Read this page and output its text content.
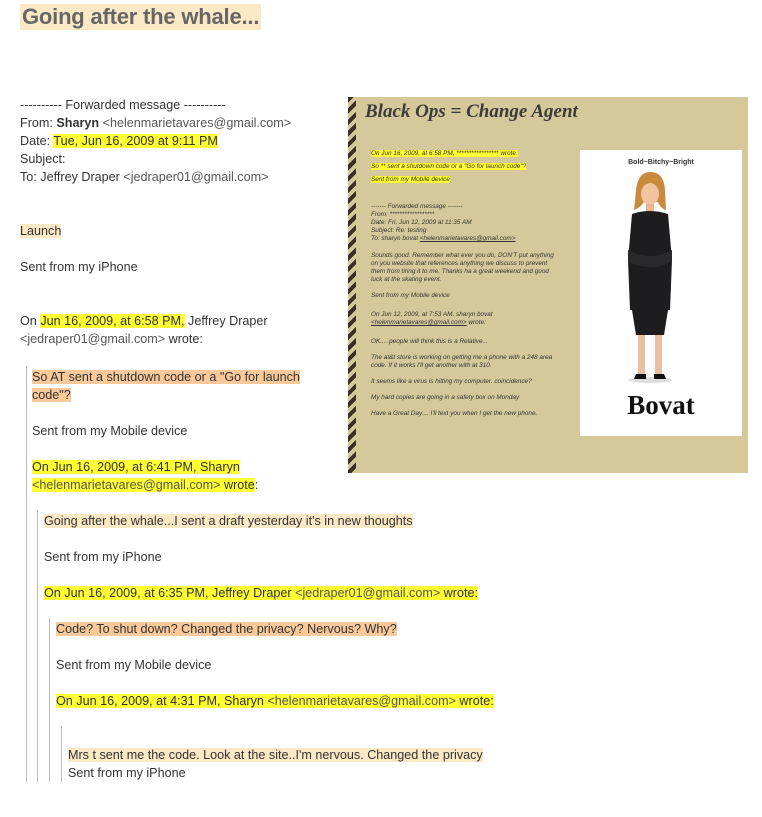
Going after the whale...

---------- Forwarded message ----------

From: Sharyn <helenmarietavares@gmail.com>

Date: Tue, Jun 16, 2009 at 9:11 PM

Subject:

To: Jeffrey Draper <jedraper01@gmail.com>

Launch

Sent from my iPhone

On Jun 16, 2009, at 6:58 PM, Jeffrey Draper

<jedraper01@gmail.com> wrote:

So AT sent a shutdown code or a "Go for launch

code"?

Sent from my Mobile device

On Jun 16, 2009, at 6:41 PM, Sharyn

<helenmarietavares@gmail.com> wrote:

Going after the whale...I sent a draft yesterday it's in new thoughts

Sent from my iPhone

On Jun 16, 2009, at 6:35 PM, Jeffrey Draper <jedraper01@gmail.com> wrote:

Code? To shut down? Changed the privacy? Nervous? Why?

Sent from my Mobile device

On Jun 16, 2009, at 4:31 PM, Sharyn <helenmarietavares@gmail.com> wrote:

Mrs t sent me the code. Look at the site..I'm nervous. Changed the privacy

Sent from my iPhone

Black Ops = Change Agent
On Jun 16, 2009, at 6:58 PM, ***************** wrote:
So ** sent a shutdown code or a "Go for launch code"?
Sent from my Mobile device
------- Forwarded message -------
From: ******************
Date: Fri, Jun 12, 2009 at 11:35 AM
Subject: Re: testing
To: sharyn bovat <helenmarietavares@gmail.com>
Sounds good. Remember what ever you do, DON'T put anything
on you website that references anything we discuss to prevent
them from tiring it to me. Thanks ha a great weekend and good
luck at the skating event.
Sent from my Mobile device
On Jun 12, 2009, at 7:53 AM, sharyn bovat
<helenmarietavares@gmail.com> wrote:
OK.....people will think this is a Relative...
The at&t store is working on getting me a phone with a 248 area
code. If it works I'll get another with at 310.
It seems like a virus is hitting my computer. coincidence?
My hard copies are going in a safety box on Monday
Have a Great Day.... I'll text you when I get the new phone.
Bold~Bitchy~Bright
Bovat
